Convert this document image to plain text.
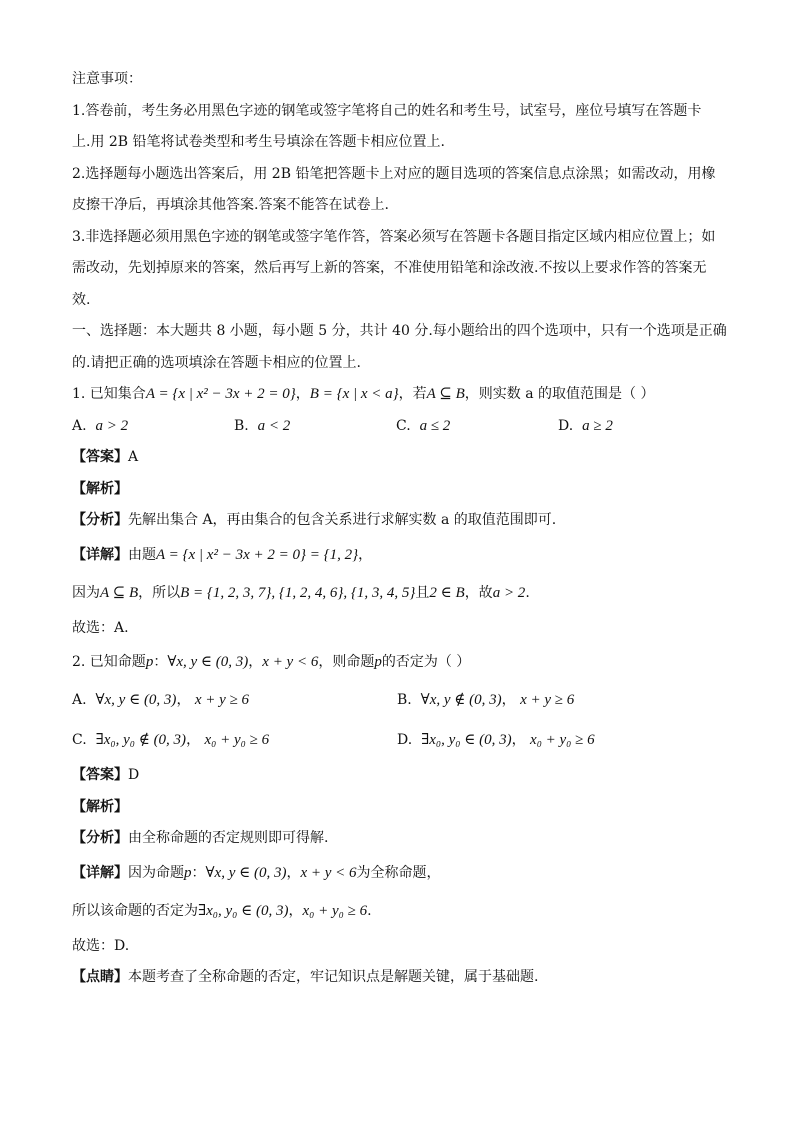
注意事项：
1.答卷前，考生务必用黑色字迹的钢笔或签字笔将自己的姓名和考生号，试室号，座位号填写在答题卡
上.用 2B 铅笔将试卷类型和考生号填涂在答题卡相应位置上.
2.选择题每小题选出答案后，用 2B 铅笔把答题卡上对应的题目选项的答案信息点涂黑；如需改动，用橡
皮擦干净后，再填涂其他答案.答案不能答在试卷上.
3.非选择题必须用黑色字迹的钢笔或签字笔作答，答案必须写在答题卡各题目指定区域内相应位置上；如
需改动，先划掉原来的答案，然后再写上新的答案，不准使用铅笔和涂改液.不按以上要求作答的答案无
效.
一、选择题：本大题共 8 小题，每小题 5 分，共计 40 分.每小题给出的四个选项中，只有一个选项是正确
的.请把正确的选项填涂在答题卡相应的位置上.
1. 已知集合A = {x | x² − 3x + 2 = 0}，B = {x | x < a}，若A ⊆ B，则实数 a 的取值范围是（ ）
A. a > 2	B. a < 2	C. a ≤ 2	D. a ≥ 2
【答案】A
【解析】
【分析】先解出集合 A，再由集合的包含关系进行求解实数 a 的取值范围即可.
【详解】由题A = {x | x² − 3x + 2 = 0} = {1, 2}，
因为A ⊆ B，所以B = {1, 2, 3, 7}, {1, 2, 4, 6}, {1, 3, 4, 5}且2 ∈ B，故a > 2.
故选：A.
2. 已知命题p：∀x, y ∈ (0, 3)，x + y < 6，则命题p的否定为（ ）
A. ∀x, y ∈ (0, 3)， x + y ≥ 6	B. ∀x, y ∉ (0, 3)， x + y ≥ 6
C. ∃x₀, y₀ ∉ (0, 3)， x₀ + y₀ ≥ 6	D. ∃x₀, y₀ ∈ (0, 3)， x₀ + y₀ ≥ 6
【答案】D
【解析】
【分析】由全称命题的否定规则即可得解.
【详解】因为命题p：∀x, y ∈ (0, 3)，x + y < 6为全称命题，
所以该命题的否定为∃x₀, y₀ ∈ (0, 3)，x₀ + y₀ ≥ 6.
故选：D.
【点睛】本题考查了全称命题的否定，牢记知识点是解题关键，属于基础题.
